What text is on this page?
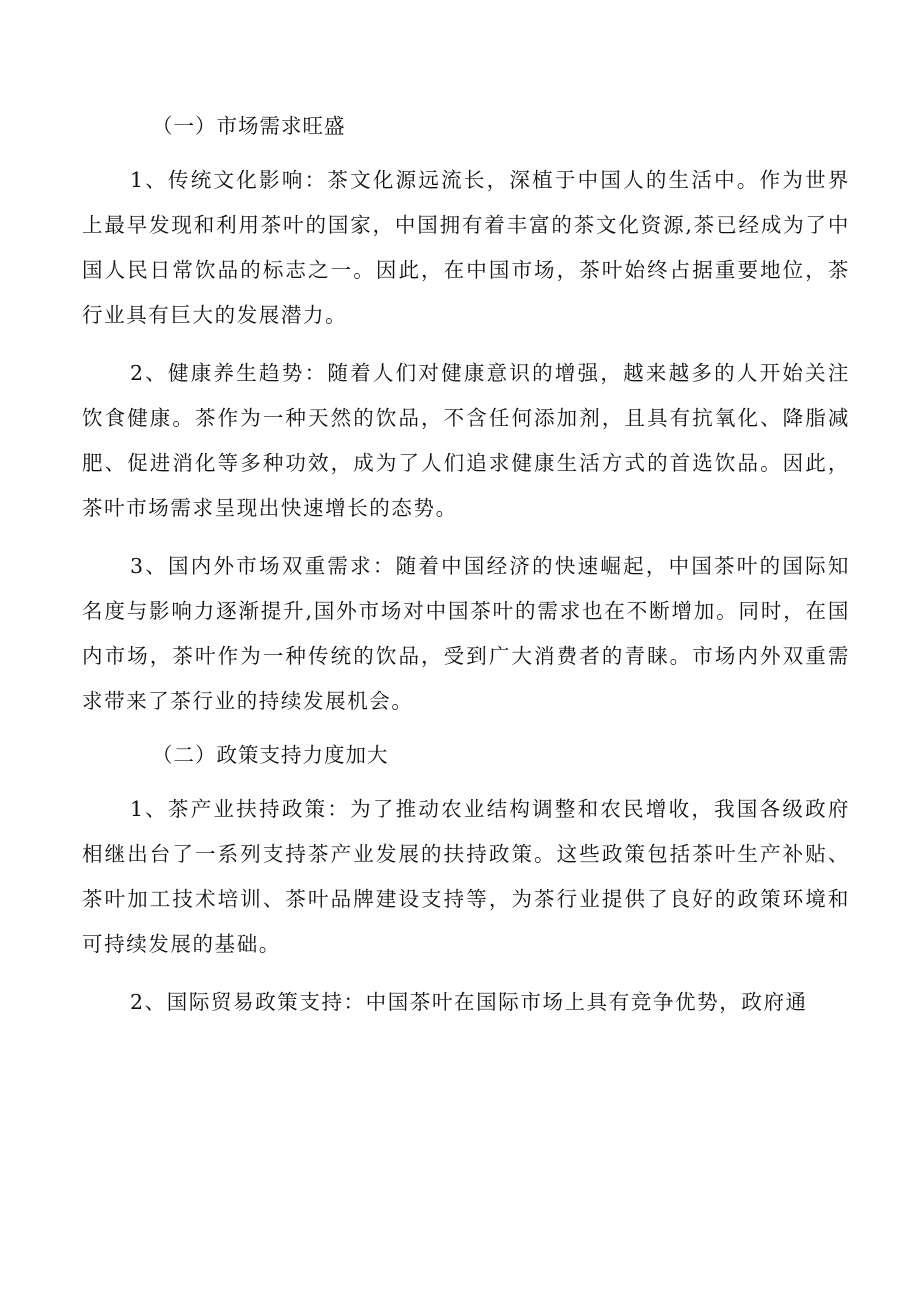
（一）市场需求旺盛

1、传统文化影响：茶文化源远流长，深植于中国人的生活中。作为世界上最早发现和利用茶叶的国家，中国拥有着丰富的茶文化资源,茶已经成为了中国人民日常饮品的标志之一。因此，在中国市场，茶叶始终占据重要地位，茶行业具有巨大的发展潜力。

2、健康养生趋势：随着人们对健康意识的增强，越来越多的人开始关注饮食健康。茶作为一种天然的饮品，不含任何添加剂，且具有抗氧化、降脂减肥、促进消化等多种功效，成为了人们追求健康生活方式的首选饮品。因此，茶叶市场需求呈现出快速增长的态势。

3、国内外市场双重需求：随着中国经济的快速崛起，中国茶叶的国际知名度与影响力逐渐提升,国外市场对中国茶叶的需求也在不断增加。同时，在国内市场，茶叶作为一种传统的饮品，受到广大消费者的青睐。市场内外双重需求带来了茶行业的持续发展机会。

（二）政策支持力度加大

1、茶产业扶持政策：为了推动农业结构调整和农民增收，我国各级政府相继出台了一系列支持茶产业发展的扶持政策。这些政策包括茶叶生产补贴、茶叶加工技术培训、茶叶品牌建设支持等，为茶行业提供了良好的政策环境和可持续发展的基础。

2、国际贸易政策支持：中国茶叶在国际市场上具有竞争优势，政府通
